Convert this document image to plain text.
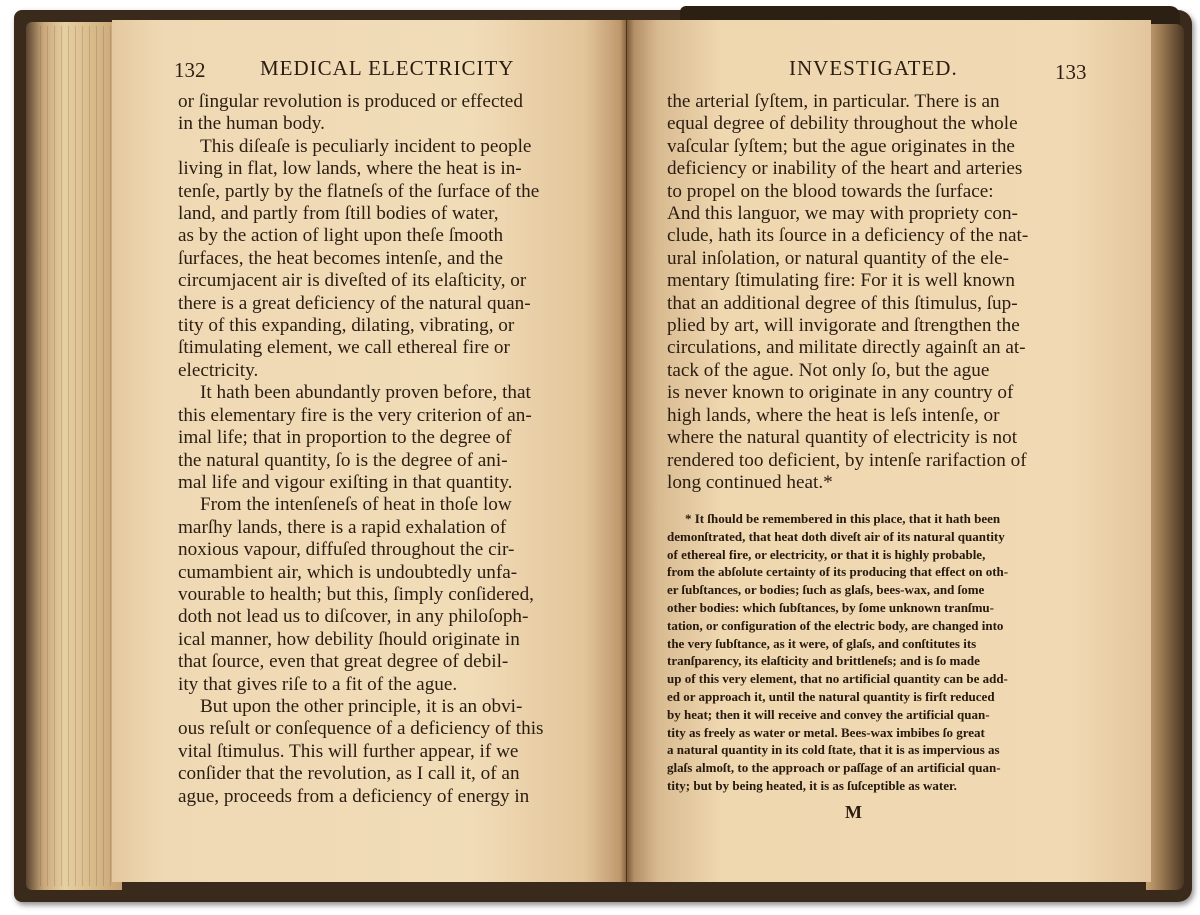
132	MEDICAL ELECTRICITY
or ſingular revolution is produced or effected
in the human body.
This diſeaſe is peculiarly incident to people
living in flat, low lands, where the heat is in-
tenſe, partly by the flatneſs of the ſurface of the
land, and partly from ſtill bodies of water,
as by the action of light upon theſe ſmooth
ſurfaces, the heat becomes intenſe, and the
circumjacent air is diveſted of its elaſticity, or
there is a great deficiency of the natural quan-
tity of this expanding, dilating, vibrating, or
ſtimulating element, we call ethereal fire or
electricity.
It hath been abundantly proven before, that
this elementary fire is the very criterion of an-
imal life; that in proportion to the degree of
the natural quantity, ſo is the degree of ani-
mal life and vigour exiſting in that quantity.
From the intenſeneſs of heat in thoſe low
marſhy lands, there is a rapid exhalation of
noxious vapour, diffuſed throughout the cir-
cumambient air, which is undoubtedly unfa-
vourable to health; but this, ſimply conſidered,
doth not lead us to diſcover, in any philoſoph-
ical manner, how debility ſhould originate in
that ſource, even that great degree of debil-
ity that gives riſe to a fit of the ague.
But upon the other principle, it is an obvi-
ous reſult or conſequence of a deficiency of this
vital ſtimulus. This will further appear, if we
conſider that the revolution, as I call it, of an
ague, proceeds from a deficiency of energy in
INVESTIGATED.	133
the arterial ſyſtem, in particular. There is an
equal degree of debility throughout the whole
vaſcular ſyſtem; but the ague originates in the
deficiency or inability of the heart and arteries
to propel on the blood towards the ſurface:
And this languor, we may with propriety con-
clude, hath its ſource in a deficiency of the nat-
ural inſolation, or natural quantity of the ele-
mentary ſtimulating fire: For it is well known
that an additional degree of this ſtimulus, ſup-
plied by art, will invigorate and ſtrengthen the
circulations, and militate directly againſt an at-
tack of the ague. Not only ſo, but the ague
is never known to originate in any country of
high lands, where the heat is leſs intenſe, or
where the natural quantity of electricity is not
rendered too deficient, by intenſe rarifaction of
long continued heat.*
* It ſhould be remembered in this place, that it hath been
demonſtrated, that heat doth diveſt air of its natural quantity
of ethereal fire, or electricity, or that it is highly probable,
from the abſolute certainty of its producing that effect on oth-
er ſubſtances, or bodies; ſuch as glaſs, bees-wax, and ſome
other bodies: which ſubſtances, by ſome unknown tranſmu-
tation, or configuration of the electric body, are changed into
the very ſubſtance, as it were, of glaſs, and conſtitutes its
tranſparency, its elaſticity and brittleneſs; and is ſo made
up of this very element, that no artificial quantity can be add-
ed or approach it, until the natural quantity is firſt reduced
by heat; then it will receive and convey the artificial quan-
tity as freely as water or metal. Bees-wax imbibes ſo great
a natural quantity in its cold ſtate, that it is as impervious as
glaſs almoſt, to the approach or paſſage of an artificial quan-
tity; but by being heated, it is as ſuſceptible as water.
M
